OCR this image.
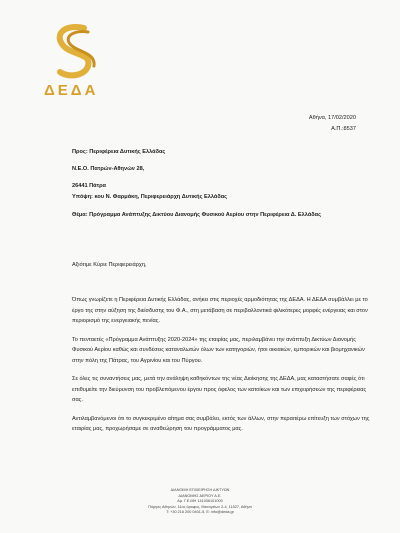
ΔΕΔΑ
Αθήνα, 17/02/2020
Α.Π.:8537
Προς: Περιφέρεια Δυτικής Ελλάδας
Ν.Ε.Ο. Πατρών-Αθηνών 28,
26441 Πάτρα
Υπόψη: κου Ν. Φαρμάκη, Περιφερειάρχη Δυτικής Ελλάδας
Θέμα: Πρόγραμμα Ανάπτυξης Δικτύου Διανομής Φυσικού Αερίου στην Περιφέρεια Δ. Ελλάδας
Αξιότιμε Κύριε Περιφερειάρχη,

Όπως γνωρίζετε η Περιφέρεια Δυτικής Ελλάδας, ανήκει στις περιοχές αρμοδιότητας της ΔΕΔΑ. Η ΔΕΔΑ συμβάλλει με το έργο της στην αύξηση της διείσδυσης του Φ.Α., στη μετάβαση σε περιβαλλοντικά φιλικότερες μορφές ενέργειας και στον περιορισμό της ενεργειακής πενίας.

Το πενταετές «Πρόγραμμα Ανάπτυξης 2020-2024» της εταιρίας μας, περιλαμβάνει την ανάπτυξη Δικτύων Διανομής Φυσικού Αερίου καθώς και συνδέσεις καταναλωτών όλων των κατηγοριών, ήτοι οικιακών, εμπορικών και βιομηχανικών στην πόλη της Πάτρας, του Αγρινίου και του Πύργου.

Σε όλες τις συναντήσεις μας, μετά την ανάληψη καθηκόντων της νέας Διοίκησης της ΔΕΔΑ, μας καταστήσατε σαφές ότι επιθυμείτε την διεύρυνση του προβλεπόμενου έργου προς όφελος των κατοίκων και των επιχειρήσεων της περιφέρειας σας.

Αντιλαμβανόμενοι ότι το συγκεκριμένο αίτημα σας συμβάλει, εκτός των άλλων, στην περαιτέρω επίτευξη των στόχων της εταιρίας μας, προχωρήσαμε σε αναθεώρηση του προγράμματος μας.

ΔΙΑΝΟΜΗ ΕΠΙΧΕΙΡΗΣΗ ΔΙΚΤΥΩΝ
ΔΙΑΝΟΜΗΣ ΑΕΡΙΟΥ Α.Ε.
Αρ. Γ.Ε.ΜΗ 141036101000
Πύργος Αθηνών, 11ος όροφος, Μεσογείων 2-4, 11527, Αθήνα
Τ: +30 216 200 0401-5, Ε: info@deda.gr
